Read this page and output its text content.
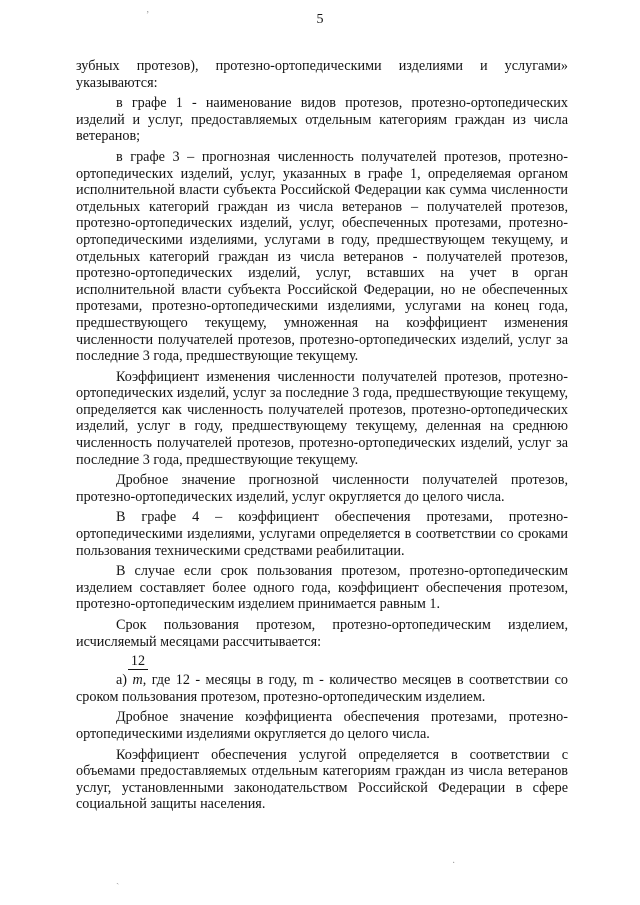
ʼ	5

зубных протезов), протезно-ортопедическими изделиями и услугами» указываются:

в графе 1 - наименование видов протезов, протезно-ортопедических изделий и услуг, предоставляемых отдельным категориям граждан из числа ветеранов;

в графе 3 – прогнозная численность получателей протезов, протезно-ортопедических изделий, услуг, указанных в графе 1, определяемая органом исполнительной власти субъекта Российской Федерации как сумма численности отдельных категорий граждан из числа ветеранов – получателей протезов, протезно-ортопедических изделий, услуг, обеспеченных протезами, протезно-ортопедическими изделиями, услугами в году, предшествующем текущему, и отдельных категорий граждан из числа ветеранов - получателей протезов, протезно-ортопедических изделий, услуг, вставших на учет в орган исполнительной власти субъекта Российской Федерации, но не обеспеченных протезами, протезно-ортопедическими изделиями, услугами на конец года, предшествующего текущему, умноженная на коэффициент изменения численности получателей протезов, протезно-ортопедических изделий, услуг за последние 3 года, предшествующие текущему.

Коэффициент изменения численности получателей протезов, протезно-ортопедических изделий, услуг за последние 3 года, предшествующие текущему, определяется как численность получателей протезов, протезно-ортопедических изделий, услуг в году, предшествующему текущему, деленная на среднюю численность получателей протезов, протезно-ортопедических изделий, услуг за последние 3 года, предшествующие текущему.

Дробное значение прогнозной численности получателей протезов, протезно-ортопедических изделий, услуг округляется до целого числа.

В графе 4 – коэффициент обеспечения протезами, протезно-ортопедическими изделиями, услугами определяется в соответствии со сроками пользования техническими средствами реабилитации.

В случае если срок пользования протезом, протезно-ортопедическим изделием составляет более одного года, коэффициент обеспечения протезом, протезно-ортопедическим изделием принимается равным 1.

Срок пользования протезом, протезно-ортопедическим изделием, исчисляемый месяцами рассчитывается:

12

а) m, где 12 - месяцы в году, m - количество месяцев в соответствии со сроком пользования протезом, протезно-ортопедическим изделием.

Дробное значение коэффициента обеспечения протезами, протезно-ортопедическими изделиями округляется до целого числа.

Коэффициент обеспечения услугой определяется в соответствии с объемами предоставляемых отдельным категориям граждан из числа ветеранов услуг, установленными законодательством Российской Федерации в сфере социальной защиты населения.

·
ˎ
